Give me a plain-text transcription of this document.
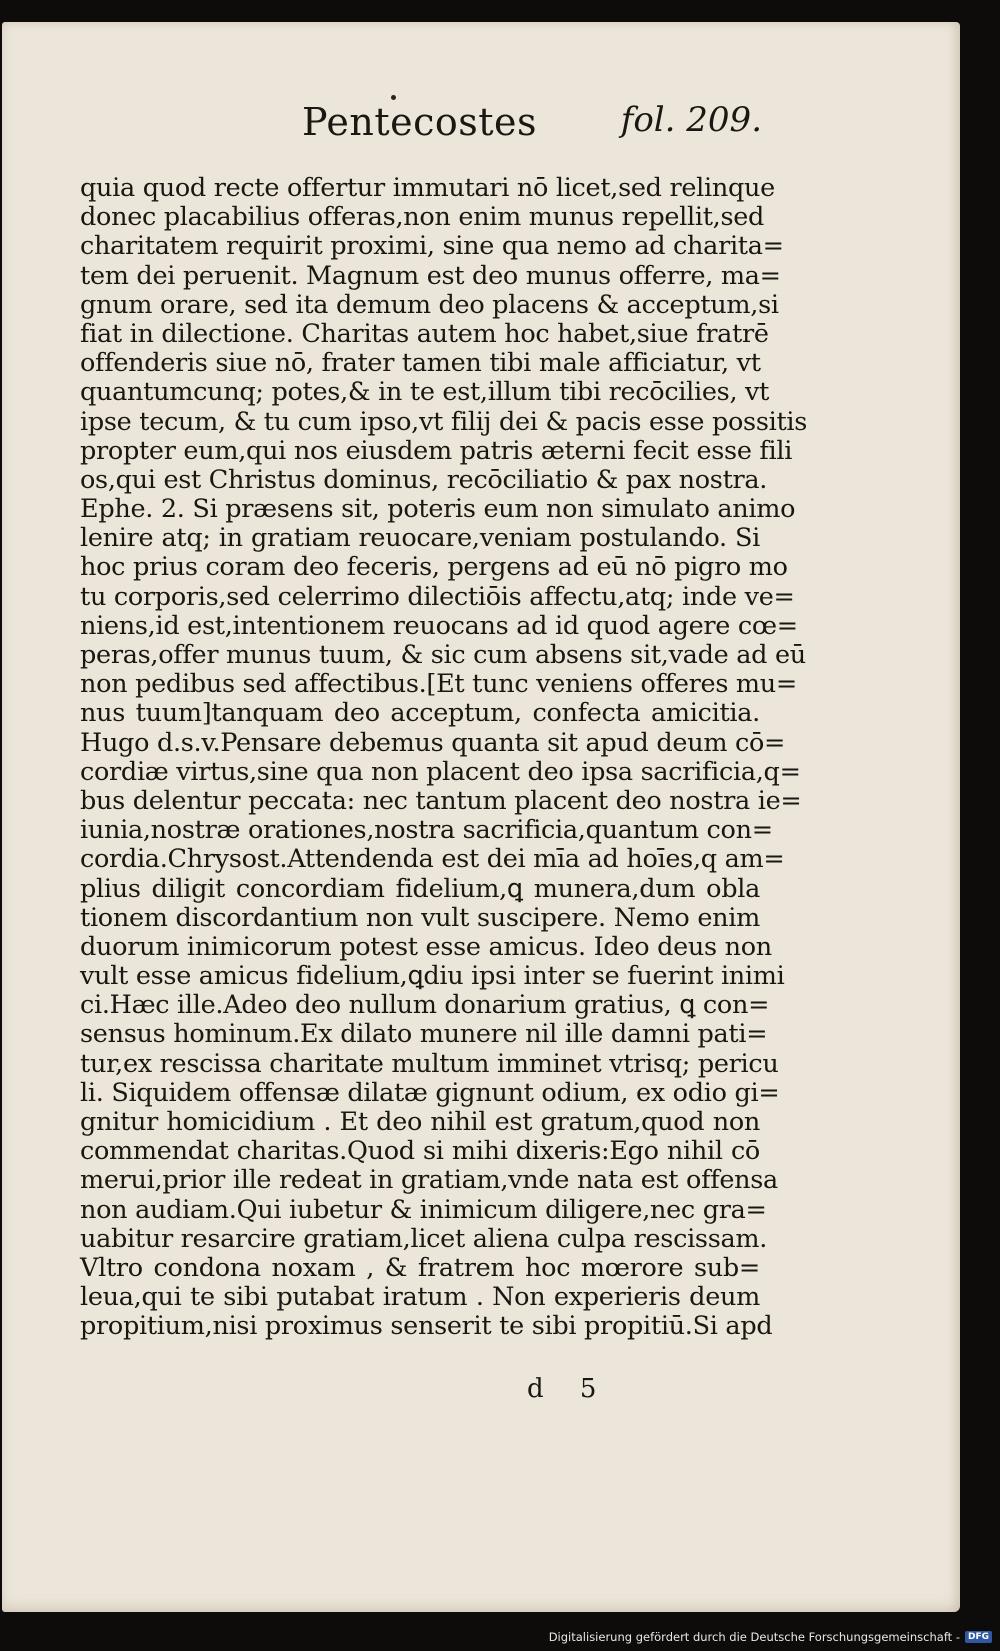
Pentecostes fol. 209.
quia quod recte offertur immutari nō licet,sed relinque
donec placabilius offeras,non enim munus repellit,sed
charitatem requirit proximi, sine qua nemo ad charita=
tem dei peruenit. Magnum est deo munus offerre, ma=
gnum orare, sed ita demum deo placens & acceptum,si
fiat in dilectione. Charitas autem hoc habet,siue fratrē
offenderis siue nō, frater tamen tibi male afficiatur, vt
quantumcunq; potes,& in te est,illum tibi recōcilies, vt
ipse tecum, & tu cum ipso,vt filij dei & pacis esse possitis
propter eum,qui nos eiusdem patris æterni fecit esse fili
os,qui est Christus dominus, recōciliatio & pax nostra.
Ephe. 2. Si præsens sit, poteris eum non simulato animo
lenire atq; in gratiam reuocare,veniam postulando. Si
hoc prius coram deo feceris, pergens ad eū nō pigro mo
tu corporis,sed celerrimo dilectiōis affectu,atq; inde ve=
niens,id est,intentionem reuocans ad id quod agere cœ=
peras,offer munus tuum, & sic cum absens sit,vade ad eū
non pedibus sed affectibus.[Et tunc veniens offeres mu=
nus tuum]tanquam deo acceptum, confecta amicitia.
Hugo d.s.v.Pensare debemus quanta sit apud deum cō=
cordiæ virtus,sine qua non placent deo ipsa sacrificia,q=
bus delentur peccata: nec tantum placent deo nostra ie=
iunia,nostræ orationes,nostra sacrificia,quantum con=
cordia.Chrysost.Attendenda est dei mīa ad hoīes,q am=
plius diligit concordiam fidelium,ꝗ munera,dum obla
tionem discordantium non vult suscipere. Nemo enim
duorum inimicorum potest esse amicus. Ideo deus non
vult esse amicus fidelium,ꝗdiu ipsi inter se fuerint inimi
ci.Hæc ille.Adeo deo nullum donarium gratius, ꝗ con=
sensus hominum.Ex dilato munere nil ille damni pati=
tur,ex rescissa charitate multum imminet vtrisq; pericu
li. Siquidem offensæ dilatæ gignunt odium, ex odio gi=
gnitur homicidium . Et deo nihil est gratum,quod non
commendat charitas.Quod si mihi dixeris:Ego nihil cō
merui,prior ille redeat in gratiam,vnde nata est offensa
non audiam.Qui iubetur & inimicum diligere,nec gra=
uabitur resarcire gratiam,licet aliena culpa rescissam.
Vltro condona noxam , & fratrem hoc mœrore sub=
leua,qui te sibi putabat iratum . Non experieris deum
propitium,nisi proximus senserit te sibi propitiū.Si apd
d 5
Digitalisierung gefördert durch die Deutsche Forschungsgemeinschaft - DFG
